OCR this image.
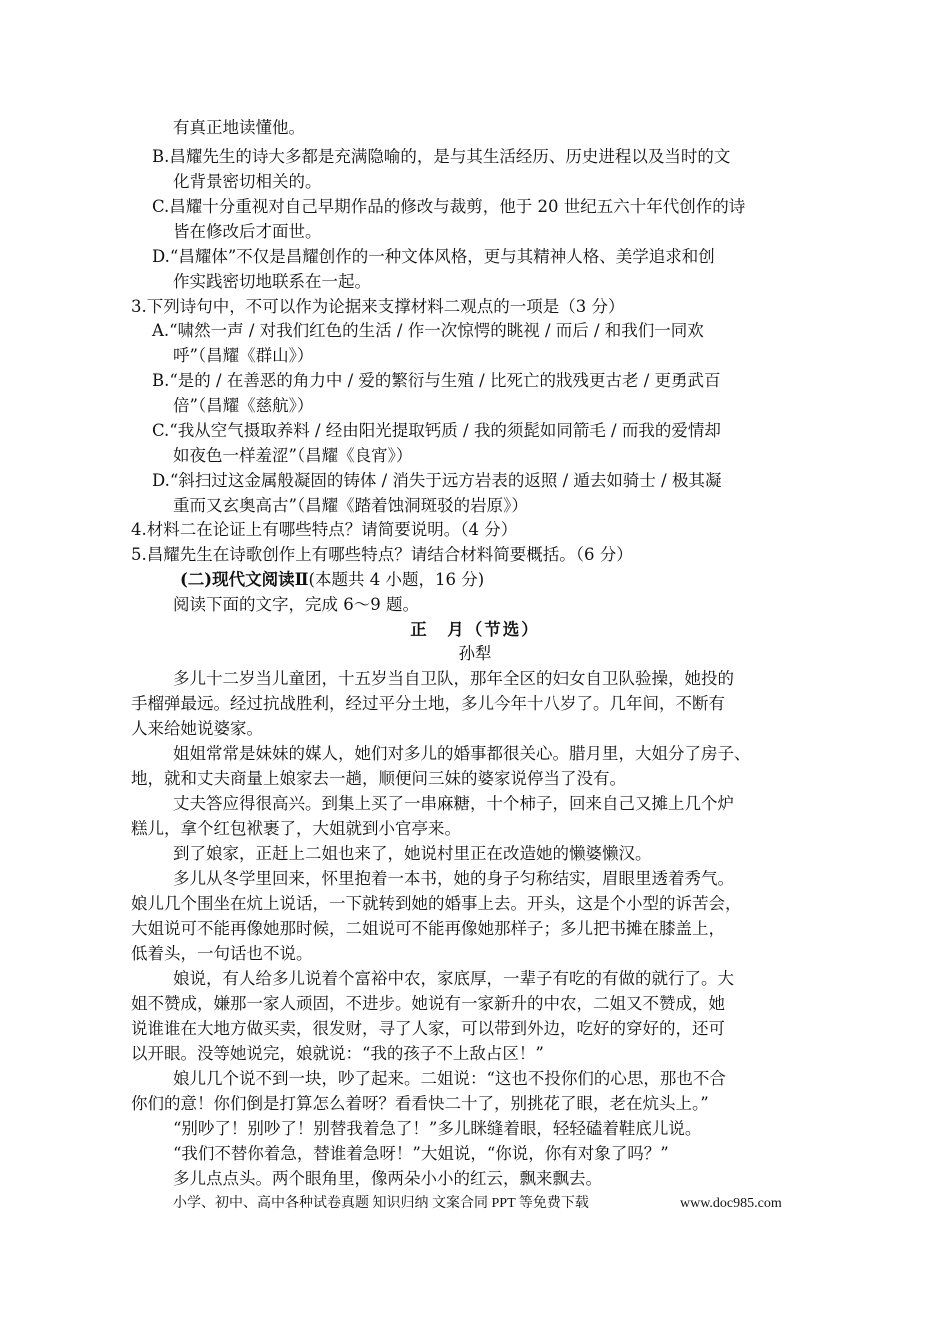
有真正地读懂他。
B.昌耀先生的诗大多都是充满隐喻的，是与其生活经历、历史进程以及当时的文
化背景密切相关的。
C.昌耀十分重视对自己早期作品的修改与裁剪，他于 20 世纪五六十年代创作的诗
皆在修改后才面世。
D.“昌耀体”不仅是昌耀创作的一种文体风格，更与其精神人格、美学追求和创
作实践密切地联系在一起。
3.下列诗句中，不可以作为论据来支撑材料二观点的一项是（3 分）
A.“啸然一声 / 对我们红色的生活 / 作一次惊愕的眺视 / 而后 / 和我们一同欢
呼”（昌耀《群山》）
B.“是的 / 在善恶的角力中 / 爱的繁衍与生殖 / 比死亡的戕残更古老 / 更勇武百
倍”（昌耀《慈航》）
C.“我从空气摄取养料 / 经由阳光提取钙质 / 我的须髭如同箭毛 / 而我的爱情却
如夜色一样羞涩”（昌耀《良宵》）
D.“斜扫过这金属般凝固的铸体 / 消失于远方岩表的返照 / 遁去如骑士 / 极其凝
重而又玄奥高古”（昌耀《踏着蚀洞斑驳的岩原》）
4.材料二在论证上有哪些特点？请简要说明。（4 分）
5.昌耀先生在诗歌创作上有哪些特点？请结合材料简要概括。（6 分）
(二)现代文阅读Ⅱ(本题共 4 小题，16 分)
阅读下面的文字，完成 6～9 题。
正　月（节选）
孙犁
多儿十二岁当儿童团，十五岁当自卫队，那年全区的妇女自卫队验操，她投的
手榴弹最远。经过抗战胜利，经过平分土地，多儿今年十八岁了。几年间，不断有
人来给她说婆家。
姐姐常常是妹妹的媒人，她们对多儿的婚事都很关心。腊月里，大姐分了房子、
地，就和丈夫商量上娘家去一趟，顺便问三妹的婆家说停当了没有。
丈夫答应得很高兴。到集上买了一串麻糖，十个柿子，回来自己又摊上几个炉
糕儿，拿个红包袱裹了，大姐就到小官亭来。
到了娘家，正赶上二姐也来了，她说村里正在改造她的懒婆懒汉。
多儿从冬学里回来，怀里抱着一本书，她的身子匀称结实，眉眼里透着秀气。
娘儿几个围坐在炕上说话，一下就转到她的婚事上去。开头，这是个小型的诉苦会，
大姐说可不能再像她那时候，二姐说可不能再像她那样子；多儿把书摊在膝盖上，
低着头，一句话也不说。
娘说，有人给多儿说着个富裕中农，家底厚，一辈子有吃的有做的就行了。大
姐不赞成，嫌那一家人顽固，不进步。她说有一家新升的中农，二姐又不赞成，她
说谁谁在大地方做买卖，很发财，寻了人家，可以带到外边，吃好的穿好的，还可
以开眼。没等她说完，娘就说：“我的孩子不上敌占区！”
娘儿几个说不到一块，吵了起来。二姐说：“这也不投你们的心思，那也不合
你们的意！你们倒是打算怎么着呀？看看快二十了，别挑花了眼，老在炕头上。”
“别吵了！别吵了！别替我着急了！”多儿眯缝着眼，轻轻磕着鞋底儿说。
“我们不替你着急，替谁着急呀！”大姐说，“你说，你有对象了吗？”
多儿点点头。两个眼角里，像两朵小小的红云，飘来飘去。
小学、初中、高中各种试卷真题 知识归纳 文案合同 PPT 等免费下载	www.doc985.com
